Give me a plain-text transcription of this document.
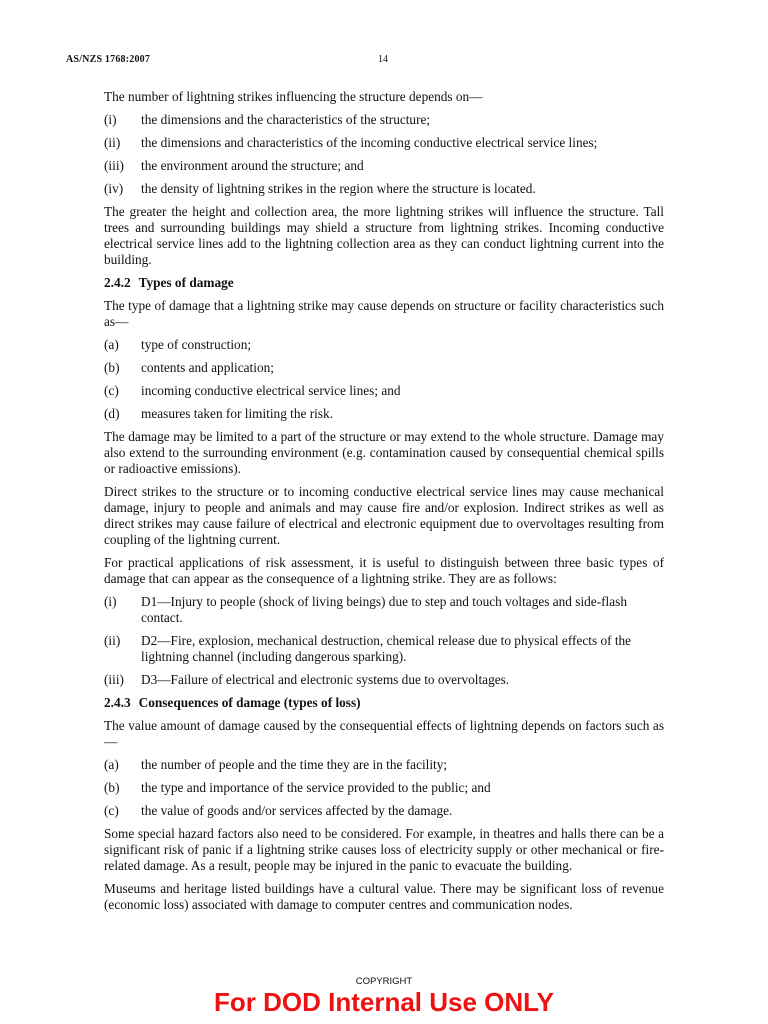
AS/NZS 1768:2007	14

The number of lightning strikes influencing the structure depends on—

(i)	the dimensions and the characteristics of the structure;
(ii)	the dimensions and characteristics of the incoming conductive electrical service lines;
(iii)	the environment around the structure; and
(iv)	the density of lightning strikes in the region where the structure is located.

The greater the height and collection area, the more lightning strikes will influence the structure. Tall trees and surrounding buildings may shield a structure from lightning strikes. Incoming conductive electrical service lines add to the lightning collection area as they can conduct lightning current into the building.

2.4.2 Types of damage

The type of damage that a lightning strike may cause depends on structure or facility characteristics such as—

(a)	type of construction;
(b)	contents and application;
(c)	incoming conductive electrical service lines; and
(d)	measures taken for limiting the risk.

The damage may be limited to a part of the structure or may extend to the whole structure. Damage may also extend to the surrounding environment (e.g. contamination caused by consequential chemical spills or radioactive emissions).

Direct strikes to the structure or to incoming conductive electrical service lines may cause mechanical damage, injury to people and animals and may cause fire and/or explosion. Indirect strikes as well as direct strikes may cause failure of electrical and electronic equipment due to overvoltages resulting from coupling of the lightning current.

For practical applications of risk assessment, it is useful to distinguish between three basic types of damage that can appear as the consequence of a lightning strike. They are as follows:

(i)	D1—Injury to people (shock of living beings) due to step and touch voltages and side-flash contact.
(ii)	D2—Fire, explosion, mechanical destruction, chemical release due to physical effects of the lightning channel (including dangerous sparking).
(iii)	D3—Failure of electrical and electronic systems due to overvoltages.
2.4.3 Consequences of damage (types of loss)

The value amount of damage caused by the consequential effects of lightning depends on factors such as—

(a)	the number of people and the time they are in the facility;
(b)	the type and importance of the service provided to the public; and
(c)	the value of goods and/or services affected by the damage.

Some special hazard factors also need to be considered. For example, in theatres and halls there can be a significant risk of panic if a lightning strike causes loss of electricity supply or other mechanical or fire-related damage. As a result, people may be injured in the panic to evacuate the building.

Museums and heritage listed buildings have a cultural value. There may be significant loss of revenue (economic loss) associated with damage to computer centres and communication nodes.

COPYRIGHT
For DOD Internal Use ONLY
